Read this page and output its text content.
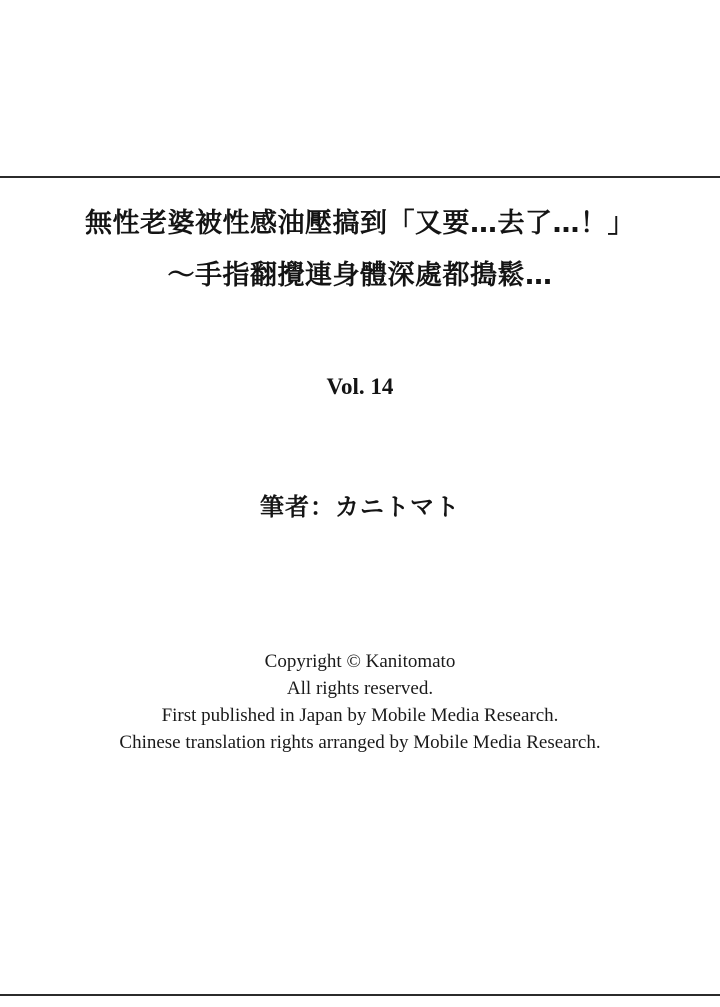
無性老婆被性感油壓搞到「又要…去了…！」
～手指翻攪連身體深處都搗鬆…
Vol. 14
筆者：カニトマト
Copyright © Kanitomato
All rights reserved.
First published in Japan by Mobile Media Research.
Chinese translation rights arranged by Mobile Media Research.
